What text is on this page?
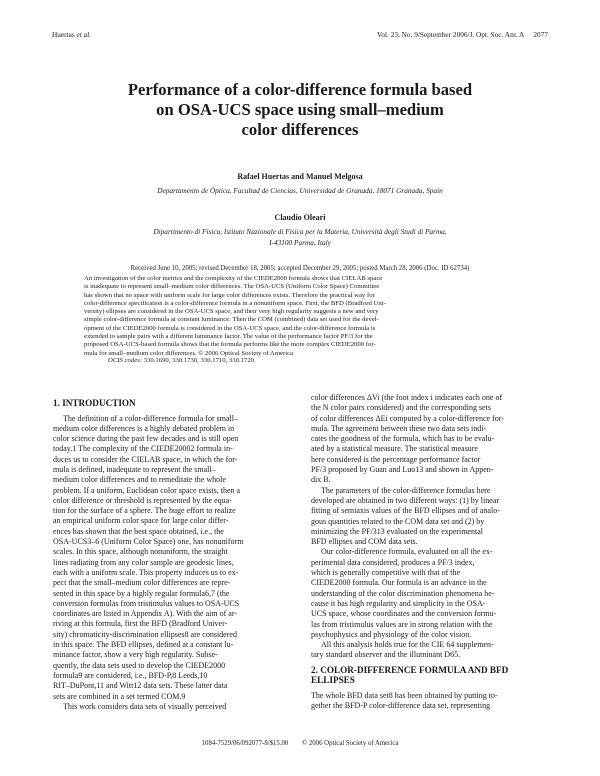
Huertas et al.	Vol. 23, No. 9/September 2006/J. Opt. Soc. Am. A 2077
Performance of a color-difference formula based
on OSA-UCS space using small–medium
color differences
Rafael Huertas and Manuel Melgosa
Departamento de Óptica, Facultad de Ciencias, Universidad de Granada, 18071 Granada, Spain
Claudio Oleari
Dipartimento di Fisica, Istituto Nazionale di Fisica per la Materia, Università degli Studi di Parma,
I-43100 Parma, Italy
Received June 10, 2005; revised December 18, 2005; accepted December 29, 2005; posted March 28, 2006 (Doc. ID 62734)
An investigation of the color metrics and the complexity of the CIEDE2000 formula shows that CIELAB space
is inadequate to represent small–medium color differences. The OSA-UCS (Uniform Color Space) Committee
has shown that no space with uniform scale for large color differences exists. Therefore the practical way for
color-difference specification is a color-difference formula in a nonuniform space. First, the BFD (Bradford Uni-
versity) ellipses are considered in the OSA-UCS space, and their very high regularity suggests a new and very
simple color-difference formula at constant luminance. Then the COM (combined) data set used for the devel-
opment of the CIEDE2000 formula is considered in the OSA-UCS space, and the color-difference formula is
extended to sample pairs with a different luminance factor. The value of the performance factor PF/3 for the
proposed OSA-UCS-based formula shows that the formula performs like the more complex CIEDE2000 for-
mula for small–medium color differences. © 2006 Optical Society of America
OCIS codes: 330.1690, 330.1730, 330.1710, 330.1720.
1. INTRODUCTION
The definition of a color-difference formula for small–
medium color differences is a highly debated problem in
color science during the past few decades and is still open
today.1 The complexity of the CIEDE20002 formula in-
duces us to consider the CIELAB space, in which the for-
mula is defined, inadequate to represent the small–
medium color differences and to remeditate the whole
problem. If a uniform, Euclidean color space exists, then a
color difference or threshold is represented by the equa-
tion for the surface of a sphere. The huge effort to realize
an empirical uniform color space for large color differ-
ences has shown that the best space obtained, i.e., the
OSA-UCS3–6 (Uniform Color Space) one, has nonuniform
scales. In this space, although nonuniform, the straight
lines radiating from any color sample are geodesic lines,
each with a uniform scale. This property induces us to ex-
pect that the small–medium color differences are repre-
sented in this space by a highly regular formula6,7 (the
conversion formulas from tristimulus values to OSA-UCS
coordinates are listed in Appendix A). With the aim of ar-
riving at this formula, first the BFD (Bradford Univer-
sity) chromaticity-discrimination ellipses8 are considered
in this space. The BFD ellipses, defined at a constant lu-
minance factor, show a very high regularity. Subse-
quently, the data sets used to develop the CIEDE2000
formula9 are considered, i.e., BFD-P,8 Leeds,10
RIT–DuPont,11 and Witt12 data sets. These latter data
sets are combined in a set termed COM.9
This work considers data sets of visually perceived
color differences ΔVi (the foot index i indicates each one of
the N color pairs considered) and the corresponding sets
of color differences ΔEi computed by a color-difference for-
mula. The agreement between these two data sets indi-
cates the goodness of the formula, which has to be evalu-
ated by a statistical measure. The statistical measure
here considered is the percentage performance factor
PF/3 proposed by Guan and Luo13 and shown in Appen-
dix B.
The parameters of the color-difference formulas here
developed are obtained in two different ways: (1) by linear
fitting of semiaxis values of the BFD ellipses and of analo-
gous quantities related to the COM data set and (2) by
minimizing the PF/313 evaluated on the experimental
BFD ellipses and COM data sets.
Our color-difference formula, evaluated on all the ex-
perimental data considered, produces a PF/3 index,
which is generally competitive with that of the
CIEDE2000 formula. Our formula is an advance in the
understanding of the color discrimination phenomena be-
cause it has high regularity and simplicity in the OSA-
UCS space, whose coordinates and the conversion formu-
las from tristimulus values are in strong relation with the
psychophysics and physiology of the color vision.
All this analysis holds true for the CIE 64 supplemen-
tary standard observer and the illuminant D65.
2. COLOR-DIFFERENCE FORMULA AND BFD
ELLIPSES
The whole BFD data set8 has been obtained by putting to-
gether the BFD-P color-difference data set, representing
1084-7529/06/092077-8/$15.00 © 2006 Optical Society of America
